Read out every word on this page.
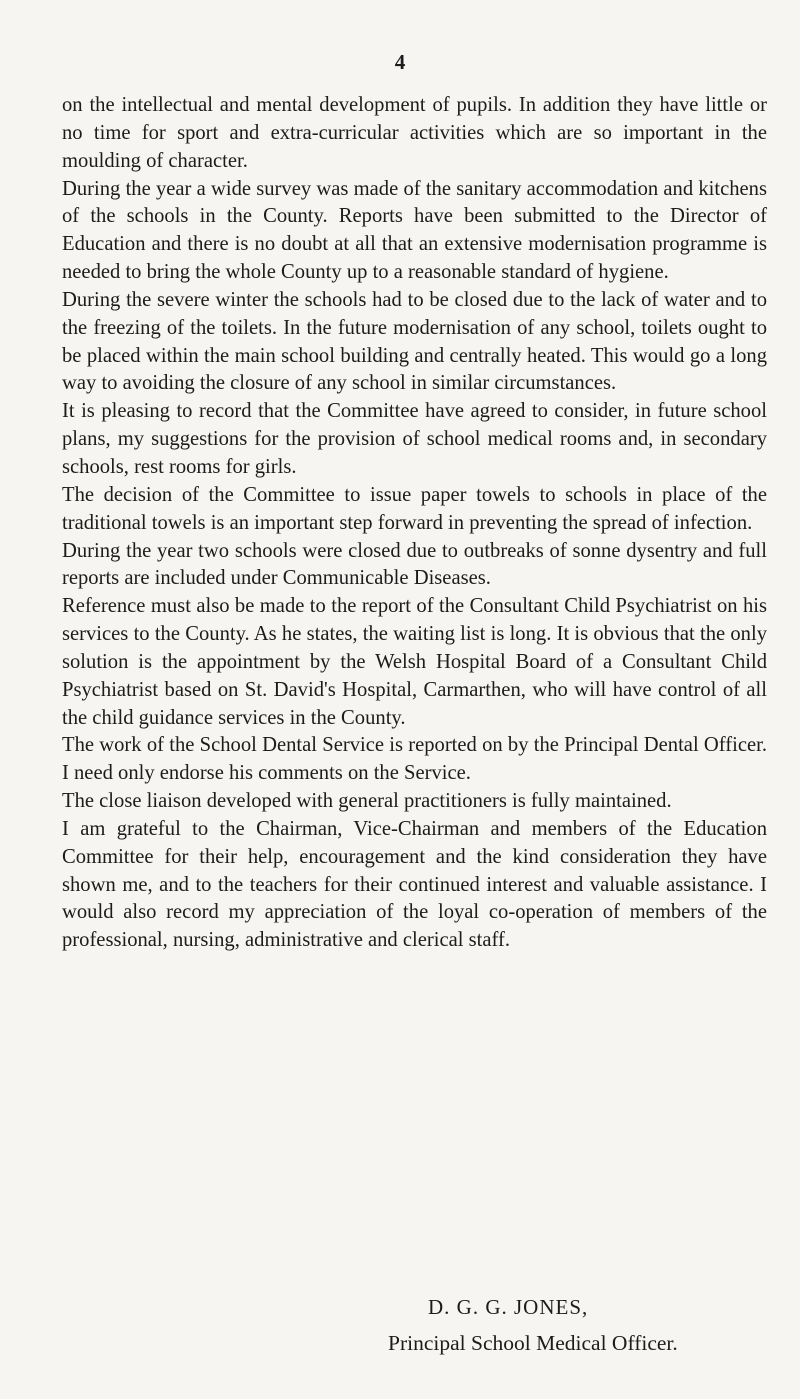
4

on the intellectual and mental development of pupils. In addition they have little or no time for sport and extra-curricular activities which are so important in the moulding of character.

During the year a wide survey was made of the sanitary accommodation and kitchens of the schools in the County. Reports have been submitted to the Director of Education and there is no doubt at all that an extensive modernisation programme is needed to bring the whole County up to a reasonable standard of hygiene.

During the severe winter the schools had to be closed due to the lack of water and to the freezing of the toilets. In the future modernisation of any school, toilets ought to be placed within the main school building and centrally heated. This would go a long way to avoiding the closure of any school in similar circumstances.

It is pleasing to record that the Committee have agreed to consider, in future school plans, my suggestions for the provision of school medical rooms and, in secondary schools, rest rooms for girls.

The decision of the Committee to issue paper towels to schools in place of the traditional towels is an important step forward in preventing the spread of infection.

During the year two schools were closed due to outbreaks of sonne dysentry and full reports are included under Communicable Diseases.

Reference must also be made to the report of the Consultant Child Psychiatrist on his services to the County. As he states, the waiting list is long. It is obvious that the only solution is the appointment by the Welsh Hospital Board of a Consultant Child Psychiatrist based on St. David's Hospital, Carmarthen, who will have control of all the child guidance services in the County.

The work of the School Dental Service is reported on by the Principal Dental Officer. I need only endorse his comments on the Service.

The close liaison developed with general practitioners is fully maintained.

I am grateful to the Chairman, Vice-Chairman and members of the Education Committee for their help, encouragement and the kind consideration they have shown me, and to the teachers for their continued interest and valuable assistance. I would also record my appreciation of the loyal co-operation of members of the professional, nursing, administrative and clerical staff.

D. G. G. JONES,
Principal School Medical Officer.
